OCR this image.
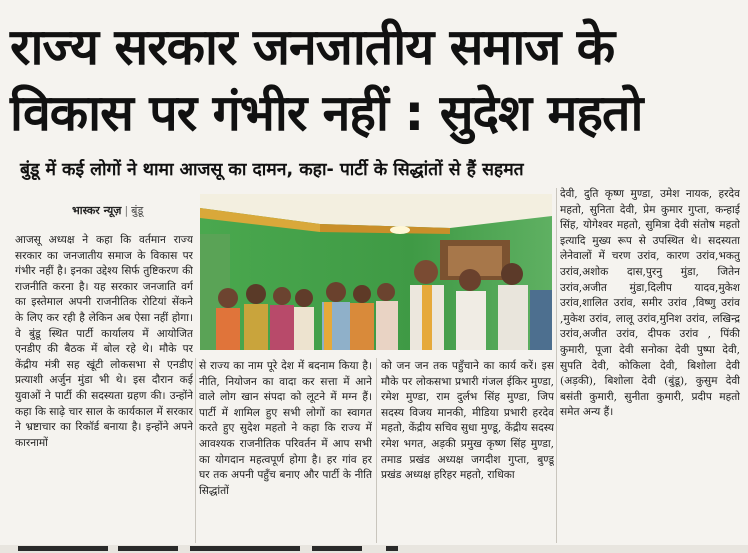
राज्य सरकार जनजातीय समाज के
विकास पर गंभीर नहीं : सुदेश महतो
बुंडू में कई लोगों ने थामा आजसू का दामन, कहा- पार्टी के सिद्धांतों से हैं सहमत
भास्कर न्यूज़ | बुंडू
आजसू अध्यक्ष ने कहा कि वर्तमान राज्य सरकार का जनजातीय समाज के विकास पर गंभीर नहीं है। इनका उद्देश्य सिर्फ तुष्टिकरण की राजनीति करना है। यह सरकार जनजाति वर्ग का इस्तेमाल अपनी राजनीतिक रोटियां सेंकने के लिए कर रही है लेकिन अब ऐसा नहीं होगा। वे बुंडू स्थित पार्टी कार्यालय में आयोजित एनडीए की बैठक में बोल रहे थे। मौके पर केंद्रीय मंत्री सह खूंटी लोकसभा से एनडीए प्रत्याशी अर्जुन मुंडा भी थे। इस दौरान कई युवाओं ने पार्टी की सदस्यता ग्रहण की। उन्होंने कहा कि साढ़े चार साल के कार्यकाल में सरकार ने भ्रष्टाचार का रिकॉर्ड बनाया है। इन्होंने अपने कारनामों
से राज्य का नाम पूरे देश में बदनाम किया है। नीति, नियोजन का वादा कर सत्ता में आने वाले लोग खान संपदा को लूटने में मग्न हैं। पार्टी में शामिल हुए सभी लोगों का स्वागत करते हुए सुदेश महतो ने कहा कि राज्य में आवश्यक राजनीतिक परिवर्तन में आप सभी का योगदान महत्वपूर्ण होगा है। हर गांव हर घर तक अपनी पहुँच बनाए और पार्टी के नीति सिद्धांतों
को जन जन तक पहुँचाने का कार्य करें। इस मौके पर लोकसभा प्रभारी गंजल ईकिर मुण्डा, रमेश मुण्डा, राम दुर्लभ सिंह मुण्डा, जिप सदस्य विजय मानकी, मीडिया प्रभारी हरदेव महतो, केंद्रीय सचिव सुधा मुण्डू, केंद्रीय सदस्य रमेश भगत, अड़की प्रमुख कृष्ण सिंह मुण्डा, तमाड प्रखंड अध्यक्ष जगदीश गुप्ता, बुण्डू प्रखंड अध्यक्ष हरिहर महतो, राधिका
देवी, दुति कृष्ण मुण्डा, उमेश नायक, हरदेव महतो, सुनिता देवी, प्रेम कुमार गुप्ता, कन्हाई सिंह, योगेश्वर महतो, सुमित्रा देवी संतोष महतो इत्यादि मुख्य रूप से उपस्थित थे। सदस्यता लेनेवालों में चरण उरांव, कारण उरांव,भकतु उरांव,अशोक दास,पुरनु मुंडा, जितेन उरांव,अजीत मुंडा,दिलीप यादव,मुकेश उरांव,शालित उरांव, समीर उरांव ,विष्णु उरांव ,मुकेश उरांव, लालू उरांव,मुनिश उरांव, लखिन्द्र उरांव,अजीत उरांव, दीपक उरांव , पिंकी कुमारी, पूजा देवी सनोका देवी पुष्पा देवी, सुपति देवी, कोकिला देवी, बिशोला देवी (अड़की), बिशोला देवी (बुंडू), कुसुम देवी बसंती कुमारी, सुनीता कुमारी, प्रदीप महतो समेत अन्य हैं।
